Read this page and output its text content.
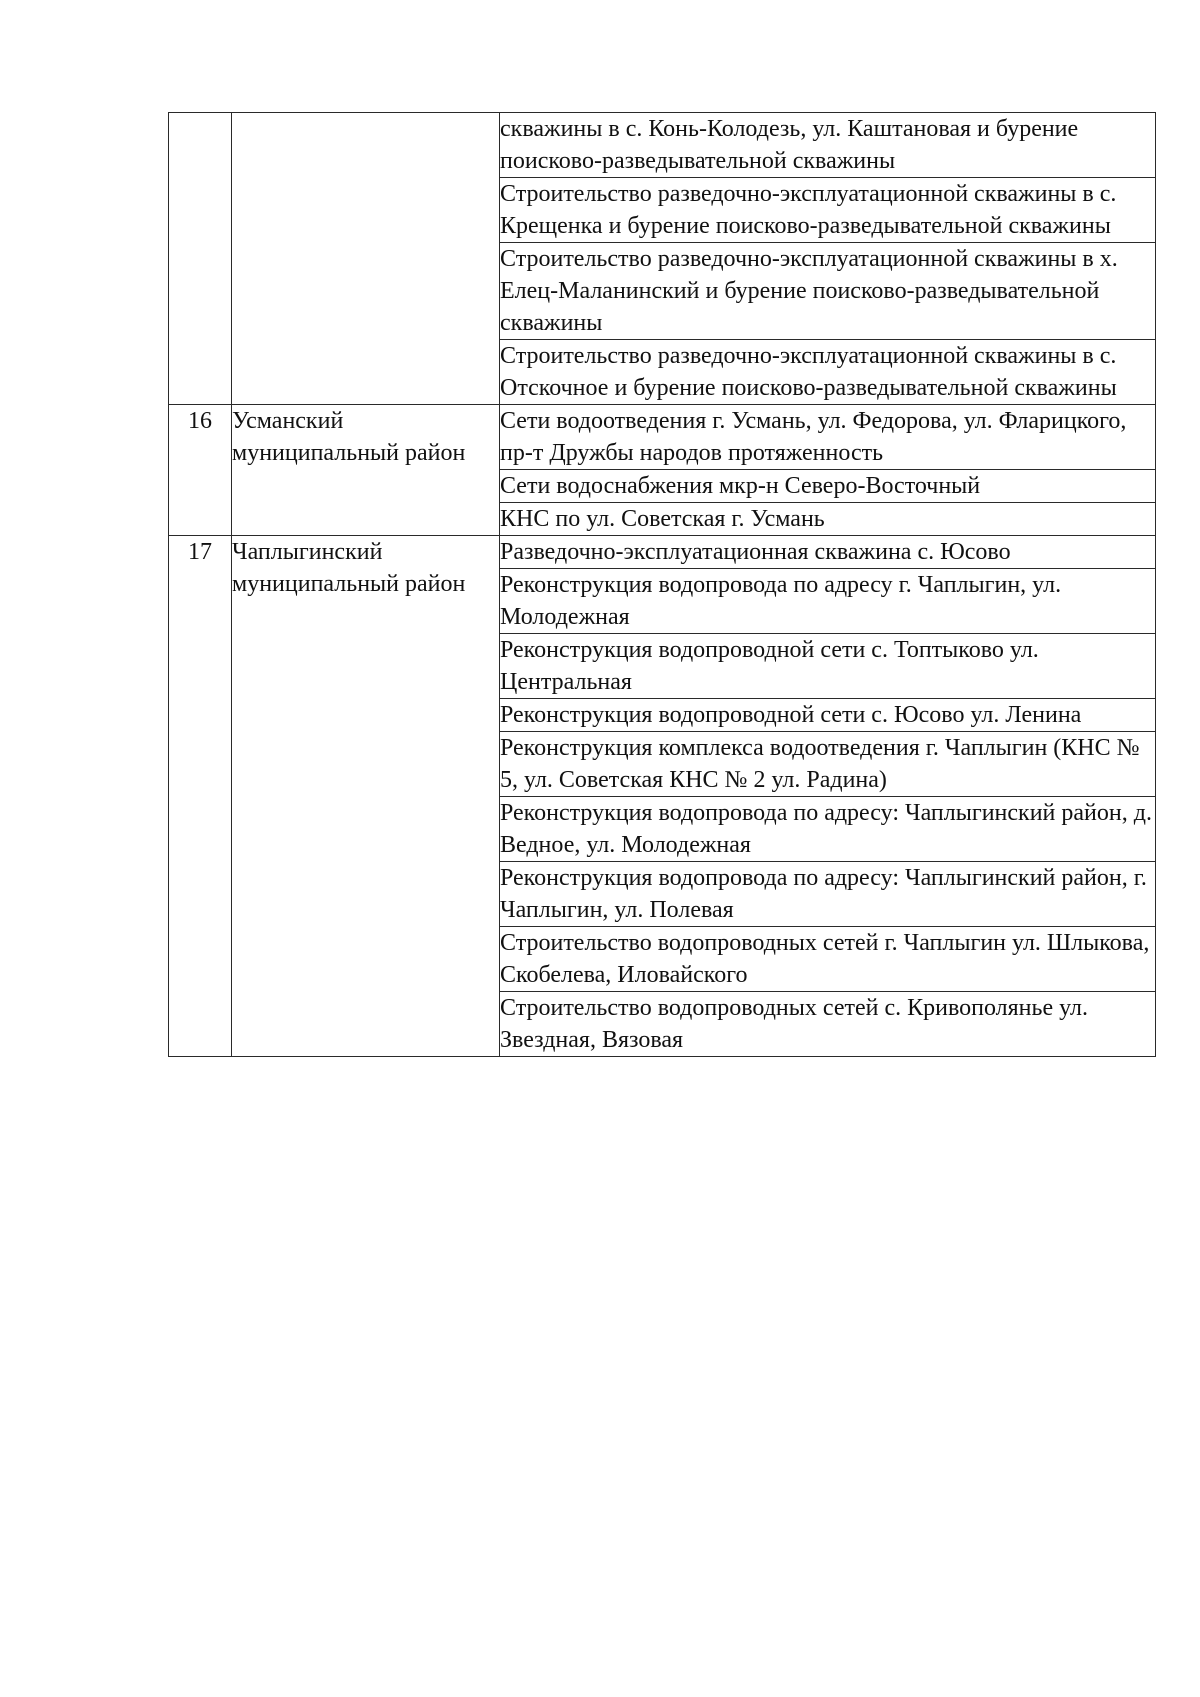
		скважины в с. Конь-Колодезь, ул. Каштановая и бурение поисково-разведывательной скважины

		Строительство разведочно-эксплуатационной скважины в с. Крещенка и бурение поисково-разведывательной скважины

		Строительство разведочно-эксплуатационной скважины в х. Елец-Маланинский и бурение поисково-разведывательной скважины

		Строительство разведочно-эксплуатационной скважины в с. Отскочное и бурение поисково-разведывательной скважины

16	Усманский муниципальный район	Сети водоотведения г. Усмань, ул. Федорова, ул. Фларицкого, пр-т Дружбы народов протяженность

		Сети водоснабжения мкр-н Северо-Восточный

		КНС по ул. Советская г. Усмань

17	Чаплыгинский муниципальный район	Разведочно-эксплуатационная скважина с. Юсово

		Реконструкция водопровода по адресу г. Чаплыгин, ул. Молодежная

		Реконструкция водопроводной сети с. Топтыково ул. Центральная

		Реконструкция водопроводной сети с. Юсово ул. Ленина

		Реконструкция комплекса водоотведения г. Чаплыгин (КНС № 5, ул. Советская КНС № 2 ул. Радина)

		Реконструкция водопровода по адресу: Чаплыгинский район, д. Ведное, ул. Молодежная

		Реконструкция водопровода по адресу: Чаплыгинский район, г. Чаплыгин, ул. Полевая

		Строительство водопроводных сетей г. Чаплыгин ул. Шлыкова, Скобелева, Иловайского

		Строительство водопроводных сетей с. Кривополянье ул. Звездная, Вязовая
